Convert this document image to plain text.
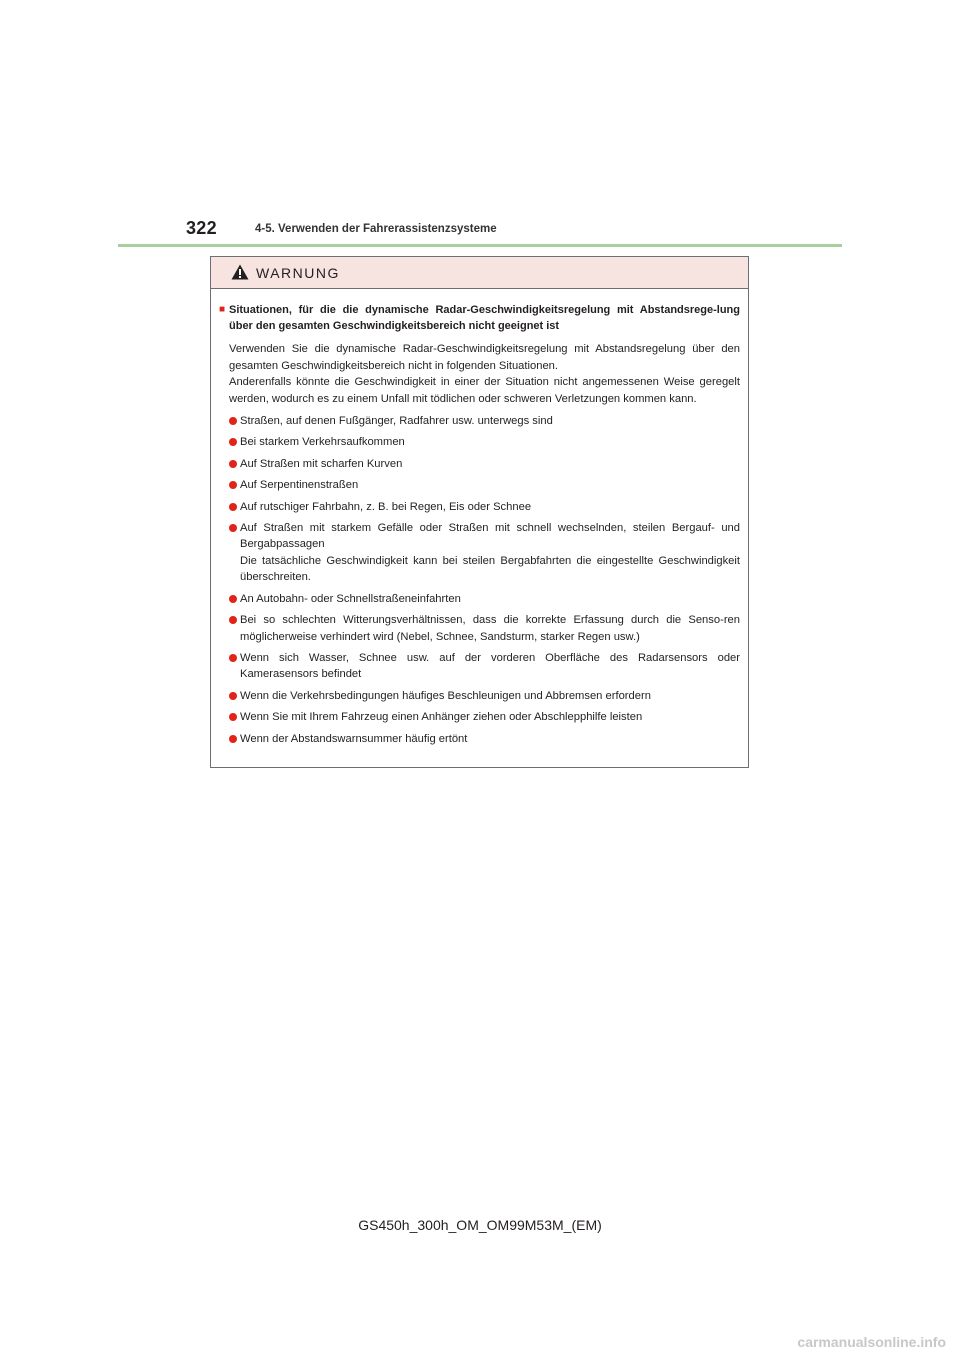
322	4-5. Verwenden der Fahrerassistenzsysteme
WARNUNG
■ Situationen, für die die dynamische Radar-Geschwindigkeitsregelung mit Abstandsrege-lung über den gesamten Geschwindigkeitsbereich nicht geeignet ist
Verwenden Sie die dynamische Radar-Geschwindigkeitsregelung mit Abstandsregelung über den gesamten Geschwindigkeitsbereich nicht in folgenden Situationen.
Anderenfalls könnte die Geschwindigkeit in einer der Situation nicht angemessenen Weise geregelt werden, wodurch es zu einem Unfall mit tödlichen oder schweren Verletzungen kommen kann.
Straßen, auf denen Fußgänger, Radfahrer usw. unterwegs sind
Bei starkem Verkehrsaufkommen
Auf Straßen mit scharfen Kurven
Auf Serpentinenstraßen
Auf rutschiger Fahrbahn, z. B. bei Regen, Eis oder Schnee
Auf Straßen mit starkem Gefälle oder Straßen mit schnell wechselnden, steilen Bergauf- und Bergabpassagen
Die tatsächliche Geschwindigkeit kann bei steilen Bergabfahrten die eingestellte Geschwindigkeit überschreiten.
An Autobahn- oder Schnellstraßeneinfahrten
Bei so schlechten Witterungsverhältnissen, dass die korrekte Erfassung durch die Senso-ren möglicherweise verhindert wird (Nebel, Schnee, Sandsturm, starker Regen usw.)
Wenn sich Wasser, Schnee usw. auf der vorderen Oberfläche des Radarsensors oder Kamerasensors befindet
Wenn die Verkehrsbedingungen häufiges Beschleunigen und Abbremsen erfordern
Wenn Sie mit Ihrem Fahrzeug einen Anhänger ziehen oder Abschlepphilfe leisten
Wenn der Abstandswarnsummer häufig ertönt
GS450h_300h_OM_OM99M53M_(EM)
carmanualsonline.info
